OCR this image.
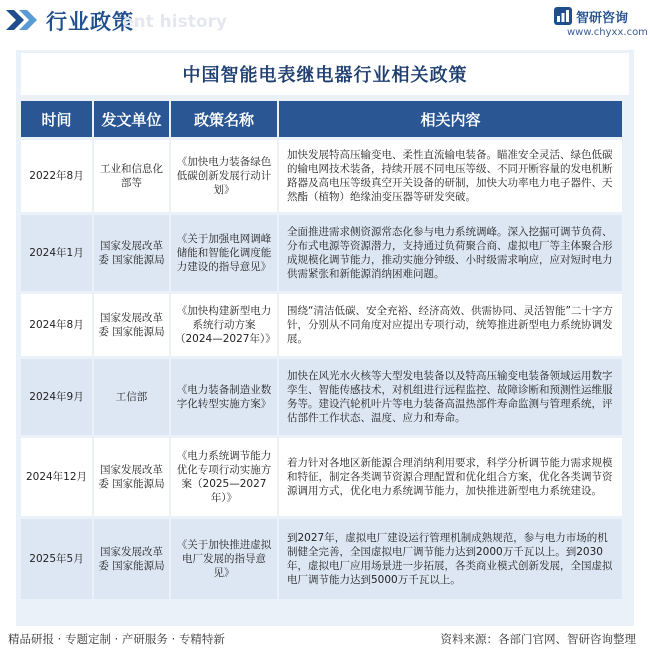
行业政策
ent history	智研咨询
www.chyxx.com
中国智能电表继电器行业相关政策
时间	发文单位	政策名称	相关内容
2022年8月	工业和信息化部等	《加快电力装备绿色低碳创新发展行动计划》	加快发展特高压输变电、柔性直流输电装备。瞄准安全灵活、绿色低碳的输电网技术装备，持续开展不同电压等级、不同开断容量的发电机断路器及高电压等级真空开关设备的研制，加快大功率电力电子器件、天然酯（植物）绝缘油变压器等研发突破。
2024年1月	国家发展改革委 国家能源局	《关于加强电网调峰储能和智能化调度能力建设的指导意见》	全面推进需求侧资源常态化参与电力系统调峰。深入挖掘可调节负荷、分布式电源等资源潜力，支持通过负荷聚合商、虚拟电厂等主体聚合形成规模化调节能力，推动实施分钟级、小时级需求响应，应对短时电力供需紧张和新能源消纳困难问题。
2024年8月	国家发展改革委 国家能源局	《加快构建新型电力系统行动方案（2024—2027年）》	围绕“清洁低碳、安全充裕、经济高效、供需协同、灵活智能”二十字方针，分别从不同角度对应提出专项行动，统筹推进新型电力系统协调发展。
2024年9月	工信部	《电力装备制造业数字化转型实施方案》	加快在风光水火核等大型发电装备以及特高压输变电装备领域运用数字孪生、智能传感技术，对机组进行远程监控、故障诊断和预测性运维服务等。建设汽轮机叶片等电力装备高温热部件寿命监测与管理系统，评估部件工作状态、温度、应力和寿命。
2024年12月	国家发展改革委 国家能源局	《电力系统调节能力优化专项行动实施方案（2025—2027年）》	着力针对各地区新能源合理消纳利用要求，科学分析调节能力需求规模和特征，制定各类调节资源合理配置和优化组合方案，优化各类调节资源调用方式，优化电力系统调节能力，加快推进新型电力系统建设。
2025年5月	国家发展改革委 国家能源局	《关于加快推进虚拟电厂发展的指导意见》	到2027年，虚拟电厂建设运行管理机制成熟规范，参与电力市场的机制健全完善，全国虚拟电厂调节能力达到2000万千瓦以上。到2030年，虚拟电厂应用场景进一步拓展，各类商业模式创新发展，全国虚拟电厂调节能力达到5000万千瓦以上。
精品研报 · 专题定制 · 产研服务 · 专精特新	资料来源：各部门官网、智研咨询整理
